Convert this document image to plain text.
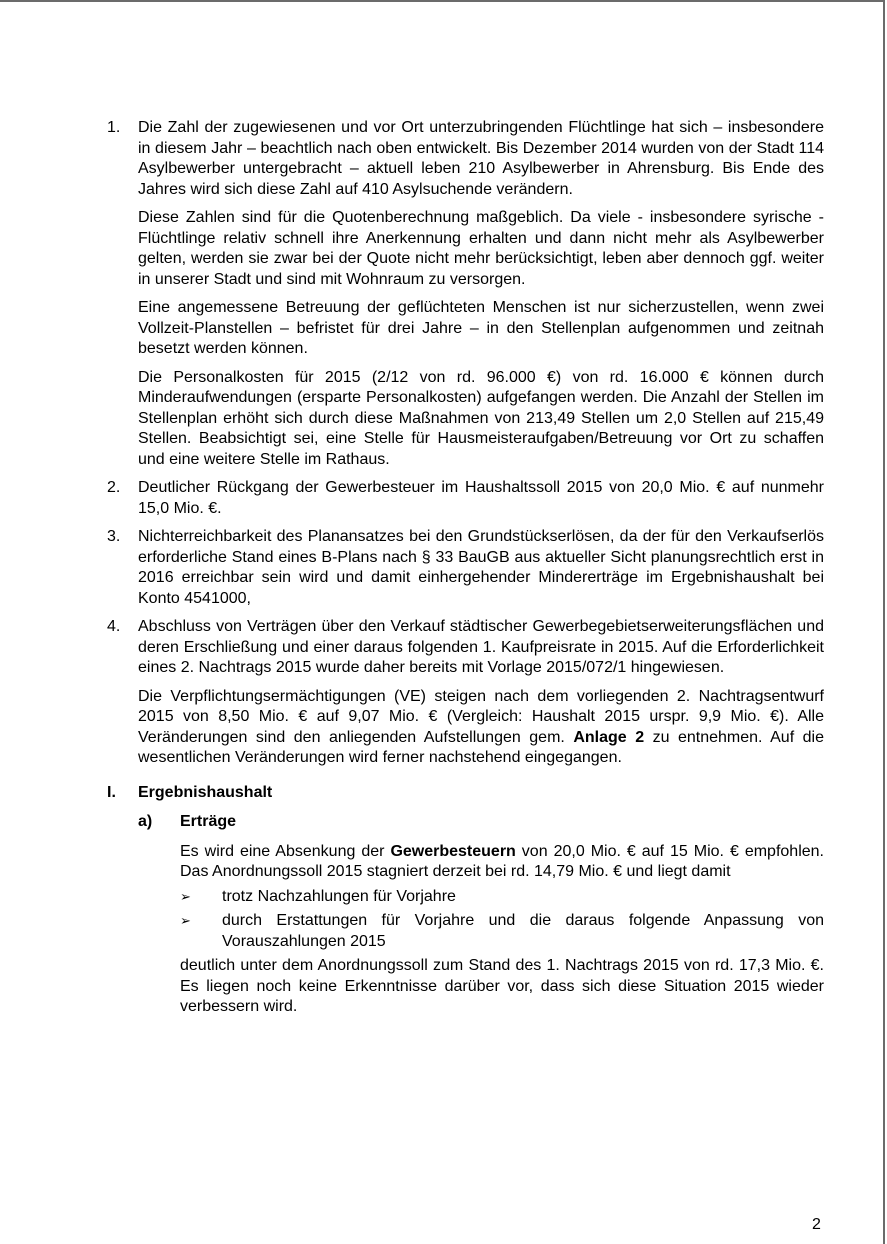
1. Die Zahl der zugewiesenen und vor Ort unterzubringenden Flüchtlinge hat sich – insbesondere in diesem Jahr – beachtlich nach oben entwickelt. Bis Dezember 2014 wurden von der Stadt 114 Asylbewerber untergebracht – aktuell leben 210 Asylbewerber in Ahrensburg. Bis Ende des Jahres wird sich diese Zahl auf 410 Asylsuchende verändern.

Diese Zahlen sind für die Quotenberechnung maßgeblich. Da viele - insbesondere syrische - Flüchtlinge relativ schnell ihre Anerkennung erhalten und dann nicht mehr als Asylbewerber gelten, werden sie zwar bei der Quote nicht mehr berücksichtigt, leben aber dennoch ggf. weiter in unserer Stadt und sind mit Wohnraum zu versorgen.

Eine angemessene Betreuung der geflüchteten Menschen ist nur sicherzustellen, wenn zwei Vollzeit-Planstellen – befristet für drei Jahre – in den Stellenplan aufgenommen und zeitnah besetzt werden können.

Die Personalkosten für 2015 (2/12 von rd. 96.000 €) von rd. 16.000 € können durch Minderaufwendungen (ersparte Personalkosten) aufgefangen werden. Die Anzahl der Stellen im Stellenplan erhöht sich durch diese Maßnahmen von 213,49 Stellen um 2,0 Stellen auf 215,49 Stellen. Beabsichtigt sei, eine Stelle für Hausmeisteraufgaben/Betreuung vor Ort zu schaffen und eine weitere Stelle im Rathaus.

2. Deutlicher Rückgang der Gewerbesteuer im Haushaltssoll 2015 von 20,0 Mio. € auf nunmehr 15,0 Mio. €.

3. Nichterreichbarkeit des Planansatzes bei den Grundstückserlösen, da der für den Verkaufserlös erforderliche Stand eines B-Plans nach § 33 BauGB aus aktueller Sicht planungsrechtlich erst in 2016 erreichbar sein wird und damit einhergehender Mindererträge im Ergebnishaushalt bei Konto 4541000,

4. Abschluss von Verträgen über den Verkauf städtischer Gewerbegebietserweiterungsflächen und deren Erschließung und einer daraus folgenden 1. Kaufpreisrate in 2015. Auf die Erforderlichkeit eines 2. Nachtrags 2015 wurde daher bereits mit Vorlage 2015/072/1 hingewiesen.

Die Verpflichtungsermächtigungen (VE) steigen nach dem vorliegenden 2. Nachtragsentwurf 2015 von 8,50 Mio. € auf 9,07 Mio. € (Vergleich: Haushalt 2015 urspr. 9,9 Mio. €). Alle Veränderungen sind den anliegenden Aufstellungen gem. Anlage 2 zu entnehmen. Auf die wesentlichen Veränderungen wird ferner nachstehend eingegangen.

I. Ergebnishaushalt
a) Erträge

Es wird eine Absenkung der Gewerbesteuern von 20,0 Mio. € auf 15 Mio. € empfohlen. Das Anordnungssoll 2015 stagniert derzeit bei rd. 14,79 Mio. € und liegt damit

➢ trotz Nachzahlungen für Vorjahre
➢ durch Erstattungen für Vorjahre und die daraus folgende Anpassung von Vorauszahlungen 2015

deutlich unter dem Anordnungssoll zum Stand des 1. Nachtrags 2015 von rd. 17,3 Mio. €. Es liegen noch keine Erkenntnisse darüber vor, dass sich diese Situation 2015 wieder verbessern wird.

2
